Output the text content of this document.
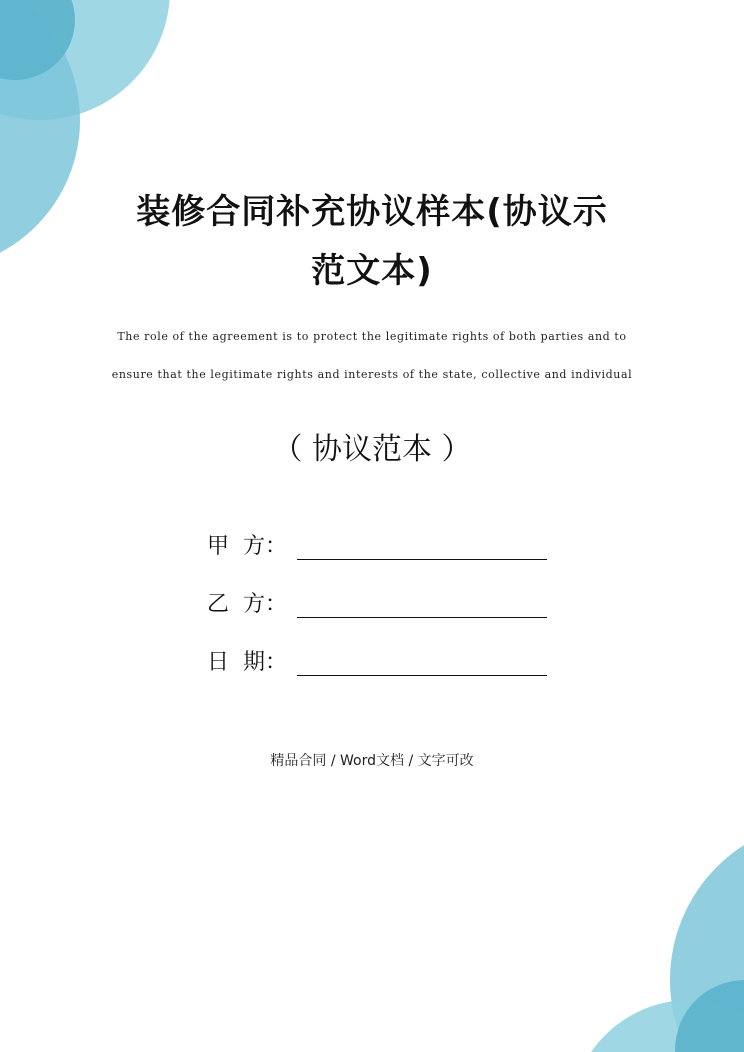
装修合同补充协议样本(协议示
范文本)
The role of the agreement is to protect the legitimate rights of both parties and to
ensure that the legitimate rights and interests of the state, collective and individual
（ 协议范本 ）
甲  方：
乙  方：
日  期：
精品合同 / Word文档 / 文字可改
